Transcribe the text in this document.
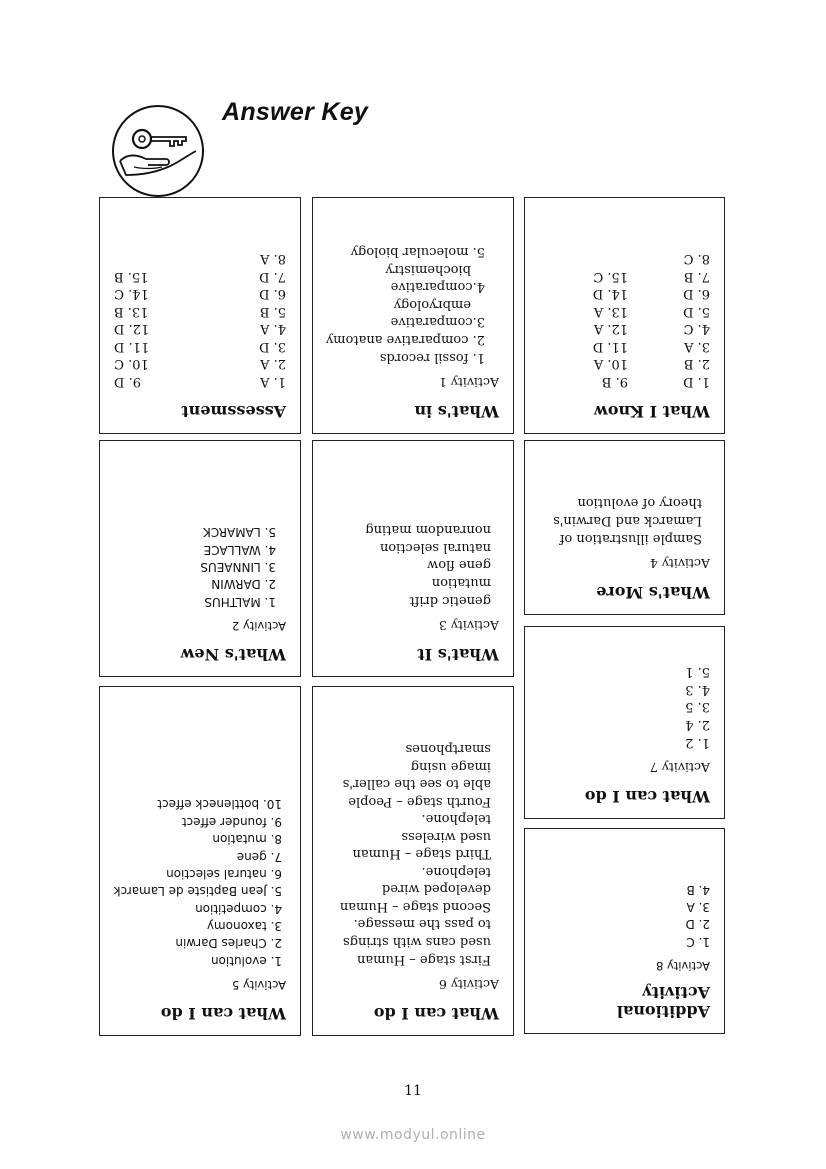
Answer Key
What I Know
1. D
9. B
2. B
10. A
3. A
11. D
4. C
12. A
5. D
13. A
6. D
14. D
7. B
15. C
8. C
What's in
Activity 1
1. fossil records
2. comparative anatomy
3.comparative
embryology
4.comparative
biochemistry
5. molecular biology
Assessment
1. A
9. D
2. A
10. C
3. D
11. D
4. A
12. D
5. B
13. B
6. D
14. C
7. D
15. B
8. A
What's More
Activity 4
Sample illustration of
Lamarck and Darwin's
theory of evolution
What's It
Activity 3
genetic drift
mutation
gene flow
natural selection
nonrandom mating
What's New
Activity 2
1. MALTHUS
2. DARWIN
3. LINNAEUS
4. WALLACE
5. LAMARCK
What can I do
Activity 7
1. 2
2. 4
3. 5
4. 3
5. 1
Additional
Activity
Activity 8
1. C
2. D
3. A
4. B
What can I do
Activity 6
First stage – Human
used cans with strings
to pass the message.
Second stage – Human
developed wired
telephone.
Third stage – Human
used wireless
telephone.
Fourth stage – People
able to see the caller's
image using
smartphones
What can I do
Activity 5
1. evolution
2. Charles Darwin
3. taxonomy
4. competition
5. Jean Baptiste de Lamarck
6. natural selection
7. gene
8. mutation
9. founder effect
10. bottleneck effect
11
www.modyul.online
